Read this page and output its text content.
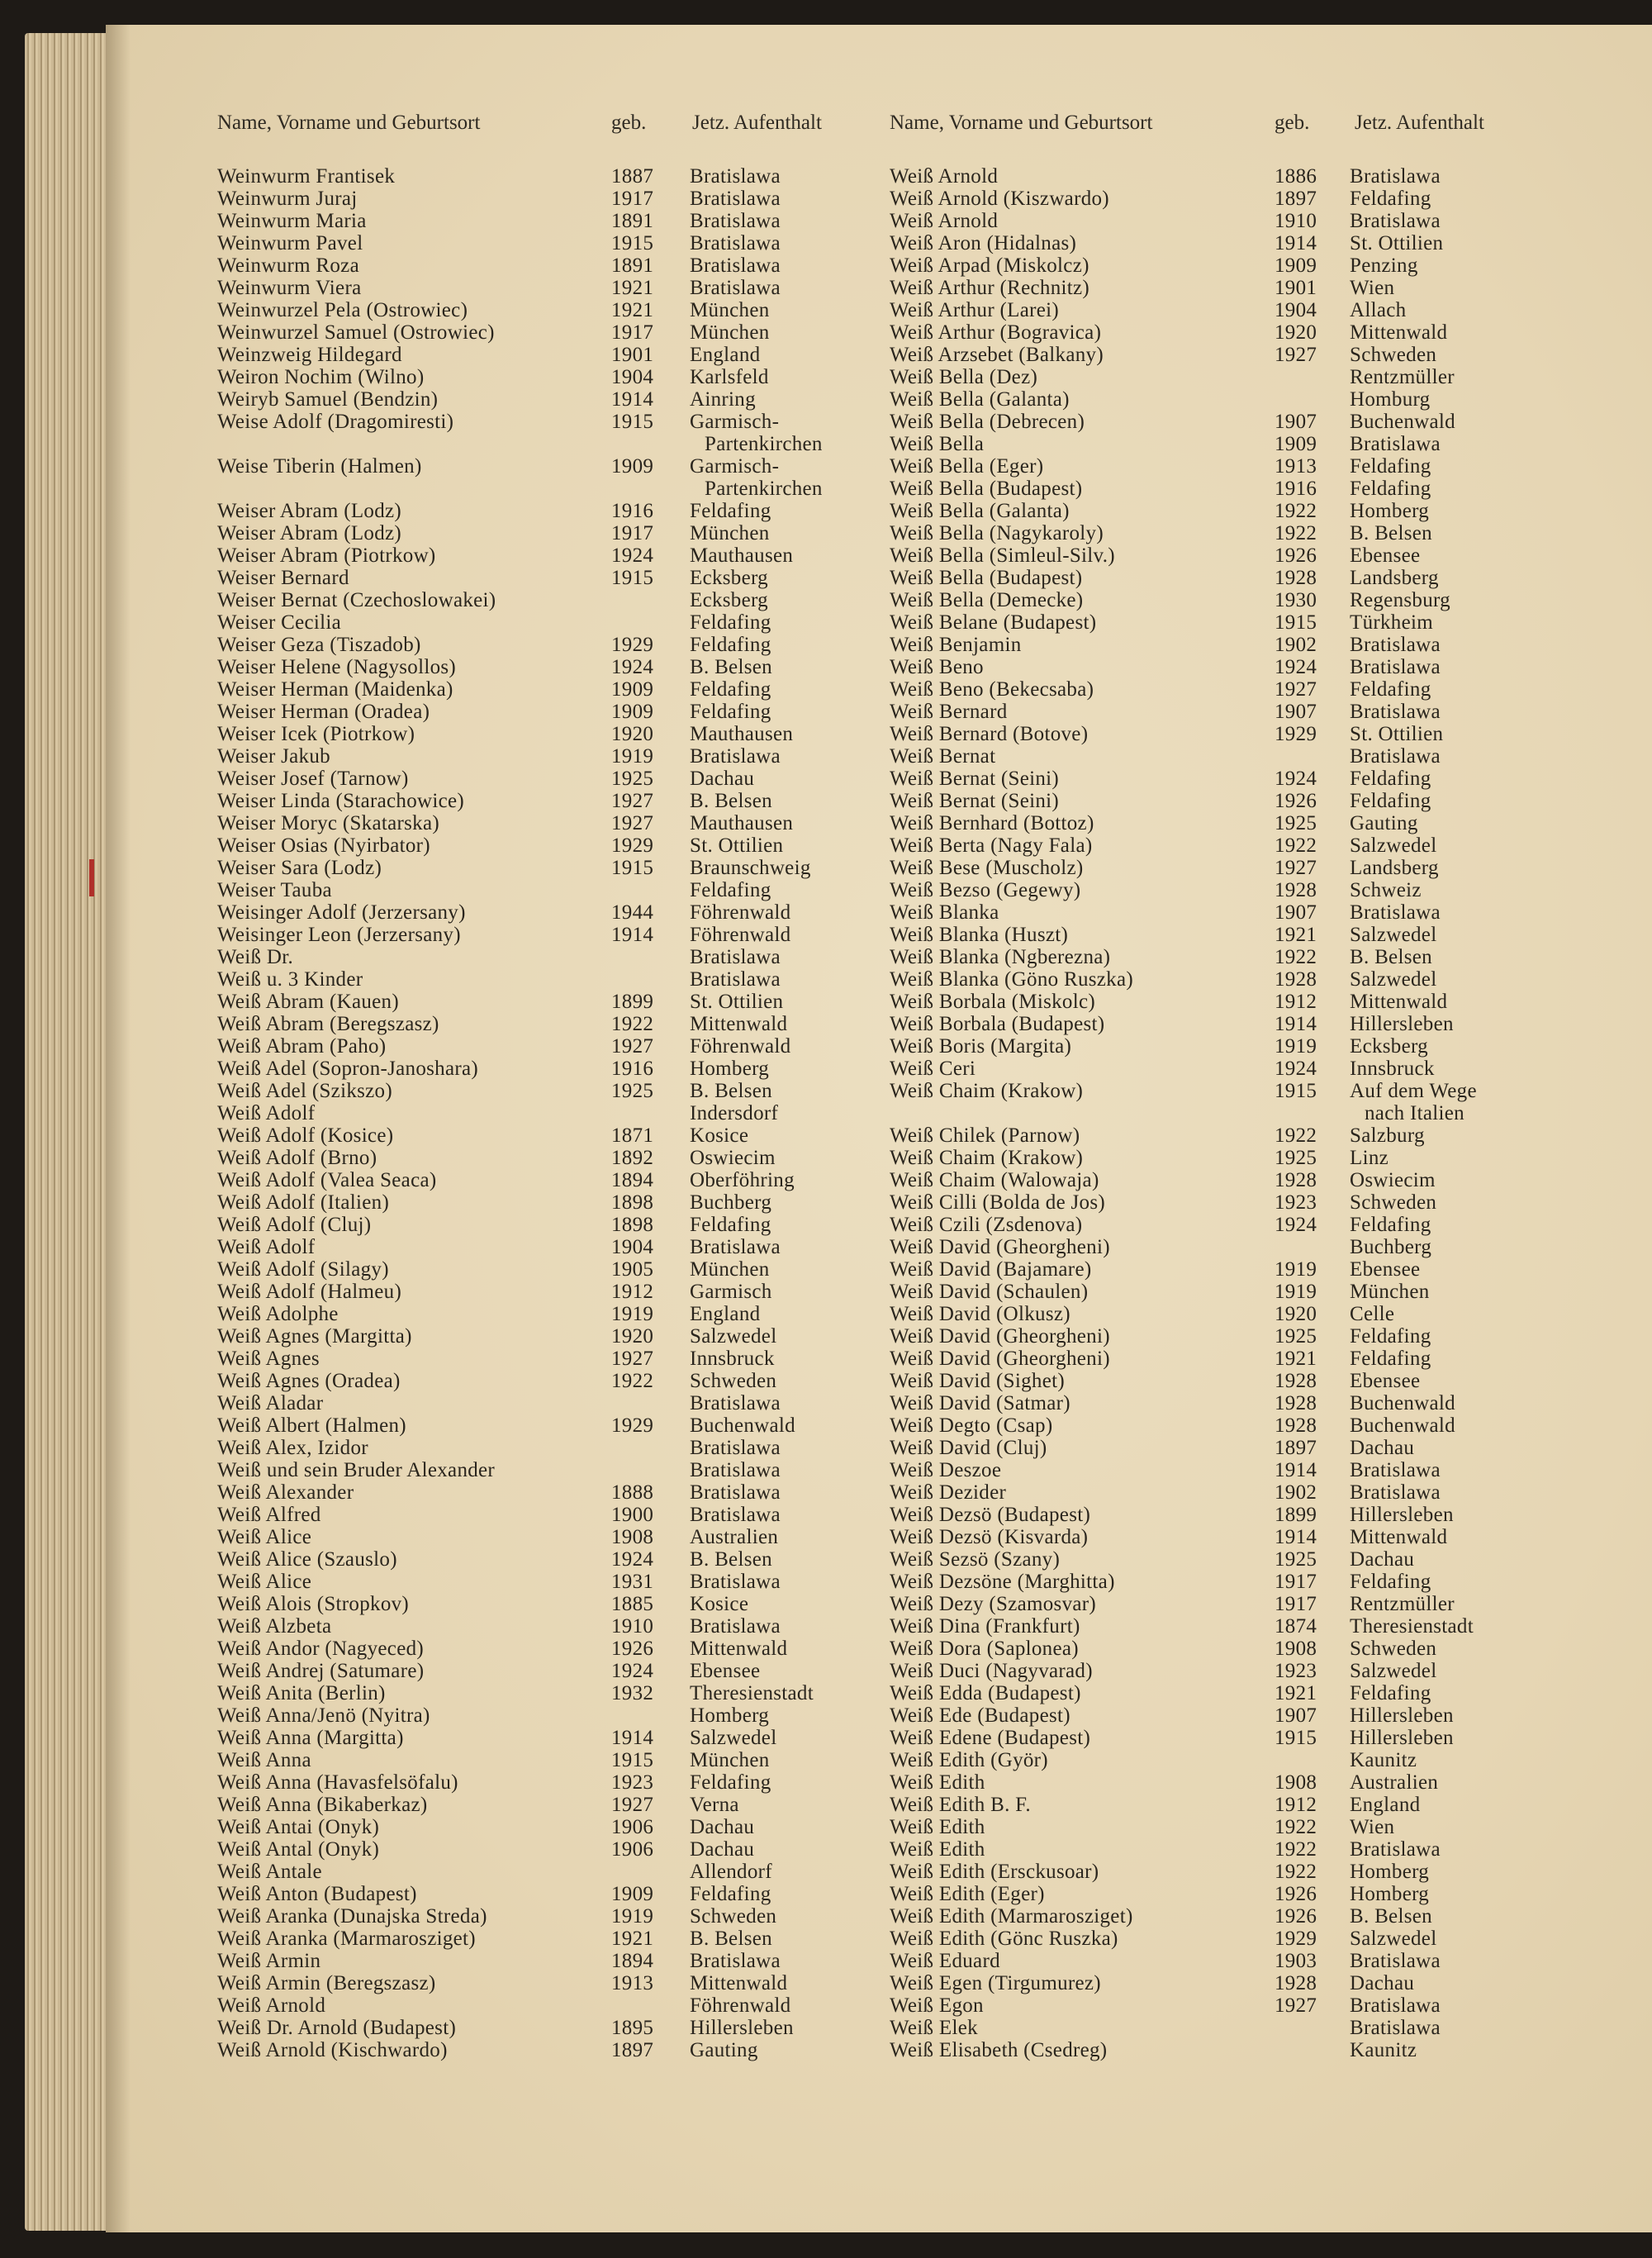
Name, Vorname und Geburtsort	geb. Jetz. Aufenthalt	Name, Vorname und Geburtsort	geb. Jetz. Aufenthalt
Weinwurm Frantisek	1887 Bratislawa
Weinwurm Juraj	1917 Bratislawa
Weinwurm Maria	1891 Bratislawa
Weinwurm Pavel	1915 Bratislawa
Weinwurm Roza	1891 Bratislawa
Weinwurm Viera	1921 Bratislawa
Weinwurzel Pela (Ostrowiec)	1921 München
Weinwurzel Samuel (Ostrowiec)	1917 München
Weinzweig Hildegard	1901 England
Weiron Nochim (Wilno)	1904 Karlsfeld
Weiryb Samuel (Bendzin)	1914 Ainring
Weise Adolf (Dragomiresti)	1915 Garmisch-
Partenkirchen
Weise Tiberin (Halmen)	1909 Garmisch-
Partenkirchen
Weiser Abram (Lodz)	1916 Feldafing
Weiser Abram (Lodz)	1917 München
Weiser Abram (Piotrkow)	1924 Mauthausen
Weiser Bernard	1915 Ecksberg
Weiser Bernat (Czechoslowakei)	Ecksberg
Weiser Cecilia	Feldafing
Weiser Geza (Tiszadob)	1929 Feldafing
Weiser Helene (Nagysollos)	1924 B. Belsen
Weiser Herman (Maidenka)	1909 Feldafing
Weiser Herman (Oradea)	1909 Feldafing
Weiser Icek (Piotrkow)	1920 Mauthausen
Weiser Jakub	1919 Bratislawa
Weiser Josef (Tarnow)	1925 Dachau
Weiser Linda (Starachowice)	1927 B. Belsen
Weiser Moryc (Skatarska)	1927 Mauthausen
Weiser Osias (Nyirbator)	1929 St. Ottilien
Weiser Sara (Lodz)	1915 Braunschweig
Weiser Tauba	Feldafing
Weisinger Adolf (Jerzersany)	1944 Föhrenwald
Weisinger Leon (Jerzersany)	1914 Föhrenwald
Weiß Dr.	Bratislawa
Weiß u. 3 Kinder	Bratislawa
Weiß Abram (Kauen)	1899 St. Ottilien
Weiß Abram (Beregszasz)	1922 Mittenwald
Weiß Abram (Paho)	1927 Föhrenwald
Weiß Adel (Sopron-Janoshara)	1916 Homberg
Weiß Adel (Szikszo)	1925 B. Belsen
Weiß Adolf	Indersdorf
Weiß Adolf (Kosice)	1871 Kosice
Weiß Adolf (Brno)	1892 Oswiecim
Weiß Adolf (Valea Seaca)	1894 Oberföhring
Weiß Adolf (Italien)	1898 Buchberg
Weiß Adolf (Cluj)	1898 Feldafing
Weiß Adolf	1904 Bratislawa
Weiß Adolf (Silagy)	1905 München
Weiß Adolf (Halmeu)	1912 Garmisch
Weiß Adolphe	1919 England
Weiß Agnes (Margitta)	1920 Salzwedel
Weiß Agnes	1927 Innsbruck
Weiß Agnes (Oradea)	1922 Schweden
Weiß Aladar	Bratislawa
Weiß Albert (Halmen)	1929 Buchenwald
Weiß Alex, Izidor	Bratislawa
Weiß und sein Bruder Alexander	Bratislawa
Weiß Alexander	1888 Bratislawa
Weiß Alfred	1900 Bratislawa
Weiß Alice	1908 Australien
Weiß Alice (Szauslo)	1924 B. Belsen
Weiß Alice	1931 Bratislawa
Weiß Alois (Stropkov)	1885 Kosice
Weiß Alzbeta	1910 Bratislawa
Weiß Andor (Nagyeced)	1926 Mittenwald
Weiß Andrej (Satumare)	1924 Ebensee
Weiß Anita (Berlin)	1932 Theresienstadt
Weiß Anna/Jenö (Nyitra)	Homberg
Weiß Anna (Margitta)	1914 Salzwedel
Weiß Anna	1915 München
Weiß Anna (Havasfelsöfalu)	1923 Feldafing
Weiß Anna (Bikaberkaz)	1927 Verna
Weiß Antai (Onyk)	1906 Dachau
Weiß Antal (Onyk)	1906 Dachau
Weiß Antale	Allendorf
Weiß Anton (Budapest)	1909 Feldafing
Weiß Aranka (Dunajska Streda)	1919 Schweden
Weiß Aranka (Marmarosziget)	1921 B. Belsen
Weiß Armin	1894 Bratislawa
Weiß Armin (Beregszasz)	1913 Mittenwald
Weiß Arnold	Föhrenwald
Weiß Dr. Arnold (Budapest)	1895 Hillersleben
Weiß Arnold (Kischwardo)	1897 Gauting
Weiß Arnold	1886 Bratislawa
Weiß Arnold (Kiszwardo)	1897 Feldafing
Weiß Arnold	1910 Bratislawa
Weiß Aron (Hidalnas)	1914 St. Ottilien
Weiß Arpad (Miskolcz)	1909 Penzing
Weiß Arthur (Rechnitz)	1901 Wien
Weiß Arthur (Larei)	1904 Allach
Weiß Arthur (Bogravica)	1920 Mittenwald
Weiß Arzsebet (Balkany)	1927 Schweden
Weiß Bella (Dez)	Rentzmüller
Weiß Bella (Galanta)	Homburg
Weiß Bella (Debrecen)	1907 Buchenwald
Weiß Bella	1909 Bratislawa
Weiß Bella (Eger)	1913 Feldafing
Weiß Bella (Budapest)	1916 Feldafing
Weiß Bella (Galanta)	1922 Homberg
Weiß Bella (Nagykaroly)	1922 B. Belsen
Weiß Bella (Simleul-Silv.)	1926 Ebensee
Weiß Bella (Budapest)	1928 Landsberg
Weiß Bella (Demecke)	1930 Regensburg
Weiß Belane (Budapest)	1915 Türkheim
Weiß Benjamin	1902 Bratislawa
Weiß Beno	1924 Bratislawa
Weiß Beno (Bekecsaba)	1927 Feldafing
Weiß Bernard	1907 Bratislawa
Weiß Bernard (Botove)	1929 St. Ottilien
Weiß Bernat	Bratislawa
Weiß Bernat (Seini)	1924 Feldafing
Weiß Bernat (Seini)	1926 Feldafing
Weiß Bernhard (Bottoz)	1925 Gauting
Weiß Berta (Nagy Fala)	1922 Salzwedel
Weiß Bese (Muscholz)	1927 Landsberg
Weiß Bezso (Gegewy)	1928 Schweiz
Weiß Blanka	1907 Bratislawa
Weiß Blanka (Huszt)	1921 Salzwedel
Weiß Blanka (Ngberezna)	1922 B. Belsen
Weiß Blanka (Göno Ruszka)	1928 Salzwedel
Weiß Borbala (Miskolc)	1912 Mittenwald
Weiß Borbala (Budapest)	1914 Hillersleben
Weiß Boris (Margita)	1919 Ecksberg
Weiß Ceri	1924 Innsbruck
Weiß Chaim (Krakow)	1915 Auf dem Wege
nach Italien
Weiß Chilek (Parnow)	1922 Salzburg
Weiß Chaim (Krakow)	1925 Linz
Weiß Chaim (Walowaja)	1928 Oswiecim
Weiß Cilli (Bolda de Jos)	1923 Schweden
Weiß Czili (Zsdenova)	1924 Feldafing
Weiß David (Gheorgheni)	Buchberg
Weiß David (Bajamare)	1919 Ebensee
Weiß David (Schaulen)	1919 München
Weiß David (Olkusz)	1920 Celle
Weiß David (Gheorgheni)	1925 Feldafing
Weiß David (Gheorgheni)	1921 Feldafing
Weiß David (Sighet)	1928 Ebensee
Weiß David (Satmar)	1928 Buchenwald
Weiß Degto (Csap)	1928 Buchenwald
Weiß David (Cluj)	1897 Dachau
Weiß Deszoe	1914 Bratislawa
Weiß Dezider	1902 Bratislawa
Weiß Dezsö (Budapest)	1899 Hillersleben
Weiß Dezsö (Kisvarda)	1914 Mittenwald
Weiß Sezsö (Szany)	1925 Dachau
Weiß Dezsöne (Marghitta)	1917 Feldafing
Weiß Dezy (Szamosvar)	1917 Rentzmüller
Weiß Dina (Frankfurt)	1874 Theresienstadt
Weiß Dora (Saplonea)	1908 Schweden
Weiß Duci (Nagyvarad)	1923 Salzwedel
Weiß Edda (Budapest)	1921 Feldafing
Weiß Ede (Budapest)	1907 Hillersleben
Weiß Edene (Budapest)	1915 Hillersleben
Weiß Edith (Györ)	Kaunitz
Weiß Edith	1908 Australien
Weiß Edith B. F.	1912 England
Weiß Edith	1922 Wien
Weiß Edith	1922 Bratislawa
Weiß Edith (Ersckusoar)	1922 Homberg
Weiß Edith (Eger)	1926 Homberg
Weiß Edith (Marmarosziget)	1926 B. Belsen
Weiß Edith (Gönc Ruszka)	1929 Salzwedel
Weiß Eduard	1903 Bratislawa
Weiß Egen (Tirgumurez)	1928 Dachau
Weiß Egon	1927 Bratislawa
Weiß Elek	Bratislawa
Weiß Elisabeth (Csedreg)	Kaunitz
